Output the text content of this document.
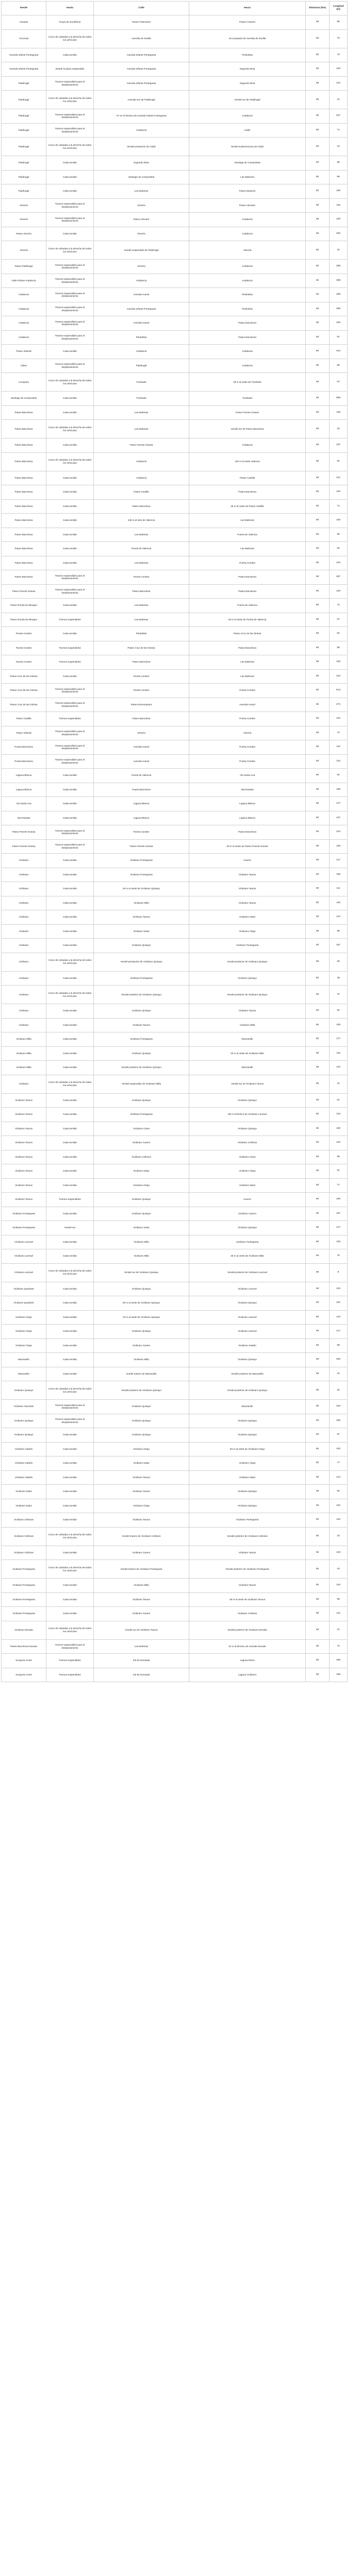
Desde	Hasta	Calle	Hacia	Distancia (km)	Longitud (m)
Ansares	Grupo de semáforos	Paseo Palomares	Paseo Ansares	50	58
Anconda	Cruce de calzadas a la derecha de todos los vehículos	Avenida de Sevilla	26 al pasado de Avenida de Sevilla	50	70
Avenida Infante Pontegueta	Cada sentido	Avenida Infante Pontegueta	Piedrahita	50	70
Avenida Infante Pontegueta	Desde la plaza suspendida	Avenida Infante Pontegueta	Segundo Elvia	50	183
Palafrugal	Tramos suspendidos para el desplazamiento	Avenida Infante Pontegueta	Segundo Elvia	50	104
Palafrugal	Cruce de calzadas a la derecha de todos los vehículos	Avenida Sur de Palafrugal	Vendel sur de Palafrugal	50	21
Palafrugal	Tramos suspendidos para el desplazamiento	AT en el término de Avenida Infante Pontegueta	Andalucía	50	207
Palafrugal	Tramos suspendidos para el desplazamiento	Andalucía	Cádiz	50	71
Palafrugal	Cruce de calzadas a la derecha de todos los vehículos	Vendel prestación de Cádiz	Vendel sudamericana de Cádiz	50	16
Palafrugal	Cada sentido	Segundo Elvia	Santiago de Compostela	50	68
Palafrugal	Cada sentido	Santiago de Compostela	Las Malvinas	50	66
Palafrugal	Cada sentido	Las Malvinas	Paseo Estación	50	150
Almería	Tramos suspendidos para el desplazamiento	Almería	Paseo Almodor	50	118
Almería	Tramos suspendidos para el desplazamiento	Paseo Almodor	Andalucía	50	100
Paseo Almería	Cada sentido	Almería	Andalucía	50	303
Almería	Cruce de calzadas a la derecha de todos los vehículos	Vendel suspendido de Palafrugal	Almería	50	22
Paseo Palafrugal	Tramos suspendidos para el desplazamiento	Almería	Andalucía	50	288
Calle Infante Andalucía	Tramos suspendidos para el desplazamiento	Andalucía	Andalucía	50	308
Andalucía	Tramos suspendidos para el desplazamiento	Avenida Aranel	Piedrahita	50	259
Andalucía	Tramos suspendidos para el desplazamiento	Avenida Infante Pontegueta	Piedrahita	50	308
Andalucía	Tramos suspendidos para el desplazamiento	Avenida Aranel	Paseo Barcelona	50	229
Andalucía	Tramos suspendidos para el desplazamiento	Piedrahita	Paseo Barcelona	50	97
Paseo Infantal	Cada sentido	Andalucía	Andalucía	50	410
Gibes	Tramos suspendidos para el desplazamiento	Palafrugal	Andalucía	60	86
Lucayana	Cruce de calzadas a la derecha de todos los vehículos	Turahado	26 m al oeste de Turahado	50	67
Santiago de Compostela	Cada sentido	Turahado	Turahado	50	508
Paseo Barcelona	Cada sentido	Las Malvinas	Paseo Puente Grassa	50	139
Paseo Barcelona	Cruce de calzadas a la derecha de todos los vehículos	Las Malvinas	Vendel sur de Paseo Barcelona	50	32
Paseo Barcelona	Cada sentido	Paseo Puente Grassa	Andalucía	50	107
Paseo Barcelona	Cruce de calzadas a la derecha de todos los vehículos	Andalucía	125 m al oeste Valencia	50	92
Paseo Barcelona	Cada sentido	Andalucía	Paseo Castilla	50	114
Paseo Barcelona	Cada sentido	Paseo Castilla	Paseo Barcelona	50	120
Paseo Barcelona	Cada sentido	Paseo Barcelona	26 m al oeste de Paseo Castilla	50	71
Paseo Barcelona	Cada sentido	125 m al este de Valencia	Las Malvinas	50	125
Paseo Barcelona	Cada sentido	Las Malvinas	Puerta de Valencia	50	90
Paseo Barcelona	Cada sentido	Puerta de Valencia	Las Malvinas	50	94
Paseo Barcelona	Cada sentido	Las Malvinas	Puerta Condes	50	104
Paseo Barcelona	Tramos suspendidos para el desplazamiento	Puerta Condes	Paseo Barcelona	50	267
Paseo Puente Grassa	Tramos suspendidos para el desplazamiento	Paseo Barcelona	Paseo Barcelona	50	120
Paseo Ronda de Menguo	Cada sentido	Las Malvinas	Puerta de Valencia	50	74
Paseo Ronda de Menguo	Tramos suspendidos	Las Malvinas	26 m al oeste de Puerta de Valencia	50	57
Puerta Condes	Cada sentido	Piedrahita	Paseo Cruz de las Glorias	50	54
Puerta Condes	Tramos suspendidos	Paseo Cruz de las Glorias	Paseo Barcelona	50	58
Puerta Condes	Tramos suspendidos	Paseo Barcelona	Las Malvinas	50	126
Paseo Cruz de las Glorias	Cada sentido	Puerta Condes	Las Malvinas	50	244
Paseo Cruz de las Glorias	Tramos suspendidos para el desplazamiento	Puerta Condes	Puerta Condes	50	613
Paseo Cruz de las Glorias	Tramos suspendidos para el desplazamiento	Paseo Extremadura	Avenida Aranel	50	272
Paseo Castilla	Tramos suspendidos	Paseo Barcelona	Puerta Condes	50	119
Paseo Infantal	Tramos suspendidos para el desplazamiento	Almería	Almería	50	74
Puerta Barcelona	Tramos suspendidos para el desplazamiento	Avenida Aranel	Puerta Condes	50	112
Puerta Barcelona	Tramos suspendidos para el desplazamiento	Avenida Aranel	Puerta Condes	50	122
Laguna Blanca	Cada sentido	Puerta de Valencia	Vía Santa Ana	50	91
Laguna Blanca	Cada sentido	Puerta Barcelona	Isla Rosada	50	189
Vía Santa Ana	Cada sentido	Laguna Blanca	Laguna Blanca	50	127
Isla Rosada	Cada sentido	Laguna Blanca	Laguna Blanca	50	137
Paseo Puente Grassa	Tramos suspendidos para el desplazamiento	Puerta Condes	Paseo Barcelona	50	210
Paseo Puente Grassa	Tramos suspendidos para el desplazamiento	Paseo Puente Grassa	26 m al oeste de Paseo Puente Grassa	50	108
Vicálvaro	Cada sentido	Vicálvaro Pontegueta	Cavero	50	117
Vicálvaro	Cada sentido	Vicálvaro Pontegueta	Vicálvaro Taurus	50	159
Vicálvaro	Cada sentido	26 m al oeste de Vicálvaro Quisayo	Vicálvaro Taurus	50	111
Vicálvaro	Cada sentido	Vicálvaro Milla	Vicálvaro Taurus	50	132
Vicálvaro	Cada sentido	Vicálvaro Taurus	Vicálvaro Salaz	50	113
Vicálvaro	Cada sentido	Vicálvaro Salaz	Vicálvaro Clego	50	98
Vicálvaro	Cada sentido	Vicálvaro Quisayo	Vicálvaro Pontegueta	50	167
Vicálvaro	Cruce de calzadas a la derecha de todos los vehículos	Vendel prestación de Vicálvaro Quisayo	Vendel posterior de Vicálvaro Quisayo	50	25
Vicálvaro	Cada sentido	Vicálvaro Pontegueta	Vicálvaro Quisayo	50	46
Vicálvaro	Cruce de calzadas a la derecha de todos los vehículos	Vendel posterior de Vicálvaro Quisayo	Vendel posterior de Vicálvaro Quisayo	50	37
Vicálvaro	Cada sentido	Vicálvaro Quisayo	Vicálvaro Taurus	50	94
Vicálvaro	Cada sentido	Vicálvaro Taurus	Vicálvaro Milla	50	109
Vicálvaro Milla	Cada sentido	Vicálvaro Pontegueta	Manzanillo	50	177
Vicálvaro Milla	Cada sentido	Vicálvaro Quisayo	26 m al oeste de Vicálvaro Milla	50	132
Vicálvaro Milla	Cada sentido	Vendel posterior de Vicálvaro Quisayo	Manzanillo	50	142
Vicálvaro	Cruce de calzadas a la derecha de todos los vehículos	Vendel suspendido de Vicálvaro Milla	Vendel sur de Vicálvaro Taurus	50	21
Vicálvaro Taurus	Cada sentido	Vicálvaro Quisayo	Vicálvaro Quisayo	50	51
Vicálvaro Taurus	Cada sentido	Vicálvaro Pontegueta	SB 2 al término de Vicálvaro Lanzuel	50	134
Vicálvaro Taurus	Cada sentido	Vicálvaro Ciesa	Vicálvaro Quisayo	50	160
Vicálvaro Taurus	Cada sentido	Vicálvaro Cavero	Vicálvaro Cellosos	50	118
Vicálvaro Taurus	Cada sentido	Vicálvaro Cellosos	Vicálvaro Ciesa	50	95
Vicálvaro Taurus	Cada sentido	Vicálvaro Salaz	Vicálvaro Clego	50	97
Vicálvaro Taurus	Cada sentido	Vicálvaro Clego	Vicálvaro Salaz	50	77
Vicálvaro Taurus	Tramos suspendidos	Vicálvaro Quisayo	Cavero	50	160
Vicálvaro Pontegueta	Cada sentido	Vicálvaro Quisayo	Vicálvaro Cavero	50	167
Vicálvaro Pontegueta	Vendel sur	Vicálvaro Salaz	Vicálvaro Quisayo	50	147
Vicálvaro Lanzuel	Cada sentido	Vicálvaro Milla	Vicálvaro Pontegueta	50	125
Vicálvaro Lanzuel	Cada sentido	Vicálvaro Milla	26 m al oeste de Vicálvaro Milla	50	75
Vicálvaro Lanzuel	Cruce de calzadas a la derecha de todos los vehículos	Vendel sur de Vicálvaro Quisayo	Vendel posterior de Vicálvaro Lanzuel	50	8
Vicálvaro Quadrant	Cada sentido	Vicálvaro Quisayo	Vicálvaro Lanzuel	50	123
Vicálvaro Quadrant	Cada sentido	83 m al oeste de Vicálvaro Quisayo	Vicálvaro Quisayo	50	101
Vicálvaro Clego	Cada sentido	23 m al oeste de Vicálvaro Quisayo	Vicálvaro Lanzuel	50	123
Vicálvaro Clego	Cada sentido	Vicálvaro Quisayo	Vicálvaro Lanzuel	50	117
Vicálvaro Clego	Cada sentido	Vicálvaro Cavero	Vicálvaro Sataño	50	98
Manzanillo	Cada sentido	Vicálvaro Milla	Vicálvaro Quisayo	50	260
Manzanillo	Cada sentido	Vendel trasero de Manzanillo	Vendel posterior de Manzanillo	50	23
Vicálvaro Quisayo	Cruce de calzadas a la derecha de todos los vehículos	Vendel posterior de Vicálvaro Quisayo	Vendel posterior de Vicálvaro Quisayo	50	32
Vicálvaro Taurusito	Tramos suspendidos para el desplazamiento	Vicálvaro Quisayo	Manzanillo	50	316
Vicálvaro Quisayo	Tramos suspendidos para el desplazamiento	Vicálvaro Quisayo	Vicálvaro Quisayo	50	180
Vicálvaro Quisayo	Cada sentido	Vicálvaro Quisayo	Vicálvaro Quisayo	50	87
Vicálvaro Sataño	Cada sentido	Vicálvaro Clego	83 m al oeste de Vicálvaro Clego	50	102
Vicálvaro Sataño	Cada sentido	Vicálvaro Salaz	Vicálvaro Clego	50	77
Vicálvaro Sataño	Cada sentido	Vicálvaro Taurus	Vicálvaro Salaz	50	113
Vicálvaro Salaz	Cada sentido	Vicálvaro Taurus	Vicálvaro Quisayo	50	93
Vicálvaro Salaz	Cada sentido	Vicálvaro Clego	Vicálvaro Quisayo	50	102
Vicálvaro Cellosos	Cada sentido	Vicálvaro Taurus	Vicálvaro Pontegueta	50	118
Vicálvaro Cellosos	Cruce de calzadas a la derecha de todos los vehículos	Vendel trasero de Vicálvaro Cellosos	Vendel posterior de Vicálvaro Cellosos	50	23
Vicálvaro Cellosos	Cada sentido	Vicálvaro Cavero	Vicálvaro Taurus	50	123
Vicálvaro Pontegueta	Cruce de calzadas a la derecha de todos los vehículos	Vendel trasero de Vicálvaro Pontegueta	Vendel posterior de Vicálvaro Pontegueta	50	23
Vicálvaro Pontegueta	Cada sentido	Vicálvaro Milla	Vicálvaro Taurus	50	118
Vicálvaro Pontegueta	Cada sentido	Vicálvaro Taurus	36 m al oeste de Vicálvaro Taurus	50	99
Vicálvaro Pontegueta	Cada sentido	Vicálvaro Cavero	Vicálvaro Cellosos	50	112
Vicálvaro Nevado	Cruce de calzadas a la derecha de todos los vehículos	Vendel sur de Vicálvaro Taurus	Vendel posterior de Vicálvaro Nevado	50	21
Paseo Barcelona Nevado	Tramos suspendidos para el desplazamiento	Las Malvinas	22 m al término de Avenida Nevado	50	74
Songoviv Ansel	Tramos suspendidos	Sol de Donsada	Laguna Elvira	50	196
Songoviv Ansel	Tramos suspendidos	Sol de Donsada	Laguna Vicálvaro	50	196
